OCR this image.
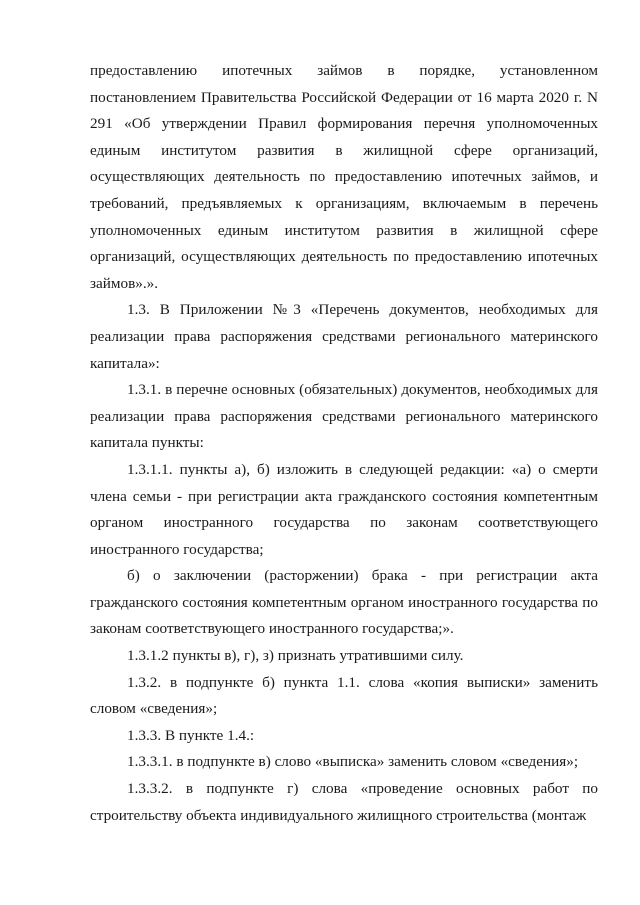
предоставлению ипотечных займов в порядке, установленном постановлением Правительства Российской Федерации от 16 марта 2020 г. N 291 «Об утверждении Правил формирования перечня уполномоченных единым институтом развития в жилищной сфере организаций, осуществляющих деятельность по предоставлению ипотечных займов, и требований, предъявляемых к организациям, включаемым в перечень уполномоченных единым институтом развития в жилищной сфере организаций, осуществляющих деятельность по предоставлению ипотечных займов».».

1.3. В Приложении №3 «Перечень документов, необходимых для реализации права распоряжения средствами регионального материнского капитала»:

1.3.1. в перечне основных (обязательных) документов, необходимых для реализации права распоряжения средствами регионального материнского капитала пункты:

1.3.1.1. пункты а), б) изложить в следующей редакции: «а) о смерти члена семьи - при регистрации акта гражданского состояния компетентным органом иностранного государства по законам соответствующего иностранного государства;

б) о заключении (расторжении) брака - при регистрации акта гражданского состояния компетентным органом иностранного государства по законам соответствующего иностранного государства;».

1.3.1.2 пункты в), г), з) признать утратившими силу.

1.3.2. в подпункте б) пункта 1.1. слова «копия выписки» заменить словом «сведения»;

1.3.3. В пункте 1.4.:

1.3.3.1. в подпункте в) слово «выписка» заменить словом «сведения»;

1.3.3.2. в подпункте г) слова «проведение основных работ по строительству объекта индивидуального жилищного строительства (монтаж
